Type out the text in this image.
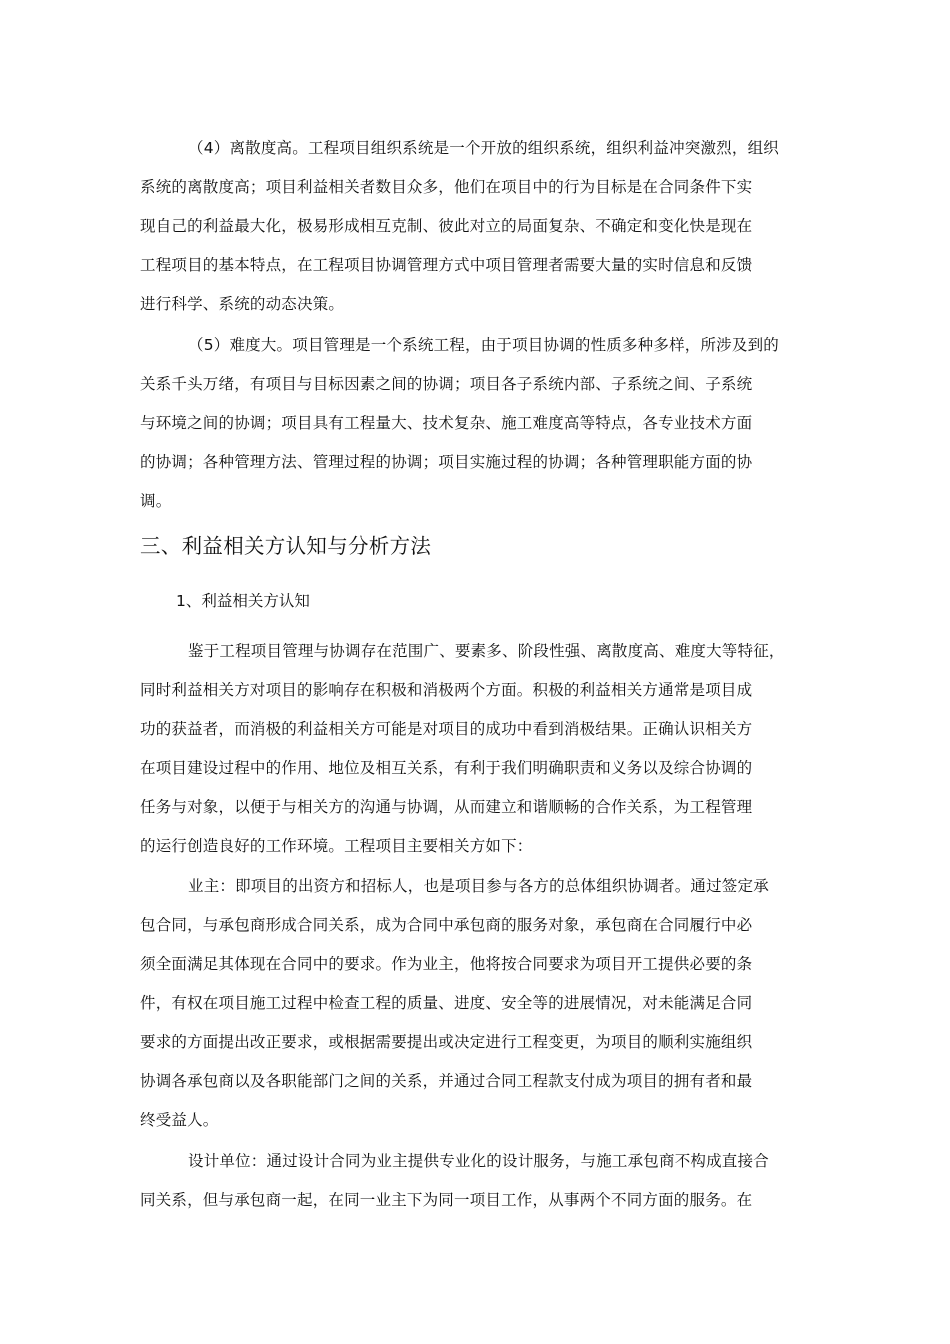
（4）离散度高。工程项目组织系统是一个开放的组织系统，组织利益冲突激烈，组织
系统的离散度高；项目利益相关者数目众多，他们在项目中的行为目标是在合同条件下实
现自己的利益最大化，极易形成相互克制、彼此对立的局面复杂、不确定和变化快是现在
工程项目的基本特点，在工程项目协调管理方式中项目管理者需要大量的实时信息和反馈
进行科学、系统的动态决策。
（5）难度大。项目管理是一个系统工程，由于项目协调的性质多种多样，所涉及到的
关系千头万绪，有项目与目标因素之间的协调；项目各子系统内部、子系统之间、子系统
与环境之间的协调；项目具有工程量大、技术复杂、施工难度高等特点，各专业技术方面
的协调；各种管理方法、管理过程的协调；项目实施过程的协调；各种管理职能方面的协
调。
三、利益相关方认知与分析方法
1、利益相关方认知
鉴于工程项目管理与协调存在范围广、要素多、阶段性强、离散度高、难度大等特征，
同时利益相关方对项目的影响存在积极和消极两个方面。积极的利益相关方通常是项目成
功的获益者，而消极的利益相关方可能是对项目的成功中看到消极结果。正确认识相关方
在项目建设过程中的作用、地位及相互关系，有利于我们明确职责和义务以及综合协调的
任务与对象，以便于与相关方的沟通与协调，从而建立和谐顺畅的合作关系，为工程管理
的运行创造良好的工作环境。工程项目主要相关方如下：
业主：即项目的出资方和招标人，也是项目参与各方的总体组织协调者。通过签定承
包合同，与承包商形成合同关系，成为合同中承包商的服务对象，承包商在合同履行中必
须全面满足其体现在合同中的要求。作为业主，他将按合同要求为项目开工提供必要的条
件，有权在项目施工过程中检查工程的质量、进度、安全等的进展情况，对未能满足合同
要求的方面提出改正要求，或根据需要提出或决定进行工程变更，为项目的顺利实施组织
协调各承包商以及各职能部门之间的关系，并通过合同工程款支付成为项目的拥有者和最
终受益人。
设计单位：通过设计合同为业主提供专业化的设计服务，与施工承包商不构成直接合
同关系，但与承包商一起，在同一业主下为同一项目工作，从事两个不同方面的服务。在
